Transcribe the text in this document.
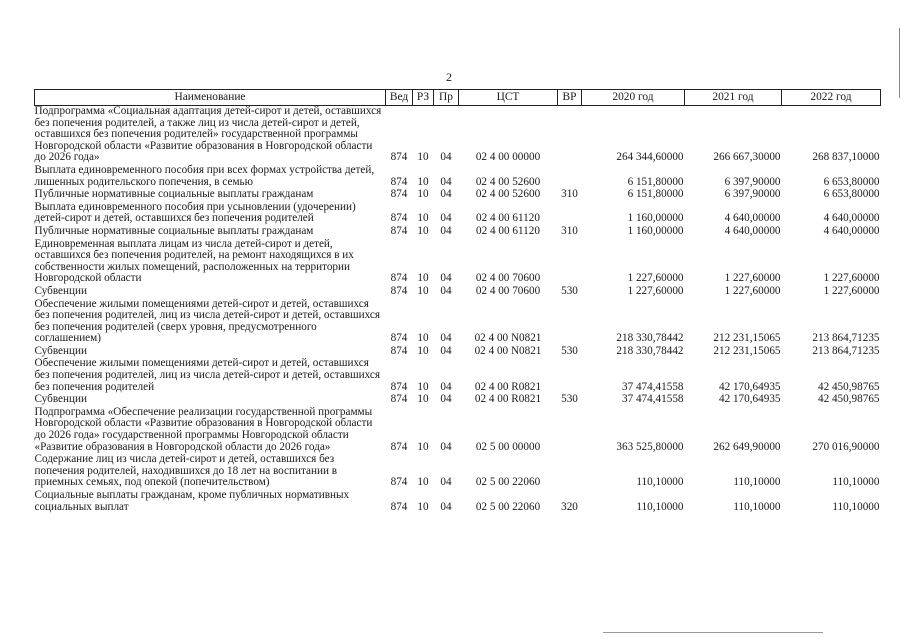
2
Наименование	Вед	РЗ	Пр	ЦСТ	ВР	2020 год	2021 год	2022 год
Подпрограмма «Социальная адаптация детей-сирот и детей, оставшихся без попечения родителей, а также лиц из числа детей-сирот и детей, оставшихся без попечения родителей» государственной программы Новгородской области «Развитие образования в Новгородской области до 2026 года»	874	10	04	02 4 00 00000		264 344,60000	266 667,30000	268 837,10000
Выплата единовременного пособия при всех формах устройства детей, лишенных родительского попечения, в семью	874	10	04	02 4 00 52600		6 151,80000	6 397,90000	6 653,80000
Публичные нормативные социальные выплаты гражданам	874	10	04	02 4 00 52600	310	6 151,80000	6 397,90000	6 653,80000
Выплата единовременного пособия при усыновлении (удочерении) детей-сирот и детей, оставшихся без попечения родителей	874	10	04	02 4 00 61120		1 160,00000	4 640,00000	4 640,00000
Публичные нормативные социальные выплаты гражданам	874	10	04	02 4 00 61120	310	1 160,00000	4 640,00000	4 640,00000
Единовременная выплата лицам из числа детей-сирот и детей, оставшихся без попечения родителей, на ремонт находящихся в их собственности жилых помещений, расположенных на территории Новгородской области	874	10	04	02 4 00 70600		1 227,60000	1 227,60000	1 227,60000
Субвенции	874	10	04	02 4 00 70600	530	1 227,60000	1 227,60000	1 227,60000
Обеспечение жилыми помещениями детей-сирот и детей, оставшихся без попечения родителей, лиц из числа детей-сирот и детей, оставшихся без попечения родителей (сверх уровня, предусмотренного соглашением)	874	10	04	02 4 00 N0821		218 330,78442	212 231,15065	213 864,71235
Субвенции	874	10	04	02 4 00 N0821	530	218 330,78442	212 231,15065	213 864,71235
Обеспечение жилыми помещениями детей-сирот и детей, оставшихся без попечения родителей, лиц из числа детей-сирот и детей, оставшихся без попечения родителей	874	10	04	02 4 00 R0821		37 474,41558	42 170,64935	42 450,98765
Субвенции	874	10	04	02 4 00 R0821	530	37 474,41558	42 170,64935	42 450,98765
Подпрограмма «Обеспечение реализации государственной программы Новгородской области «Развитие образования в Новгородской области до 2026 года» государственной программы Новгородской области «Развитие образования в Новгородской области до 2026 года»	874	10	04	02 5 00 00000		363 525,80000	262 649,90000	270 016,90000
Содержание лиц из числа детей-сирот и детей, оставшихся без попечения родителей, находившихся до 18 лет на воспитании в приемных семьях, под опекой (попечительством)	874	10	04	02 5 00 22060		110,10000	110,10000	110,10000
Социальные выплаты гражданам, кроме публичных нормативных социальных выплат	874	10	04	02 5 00 22060	320	110,10000	110,10000	110,10000
